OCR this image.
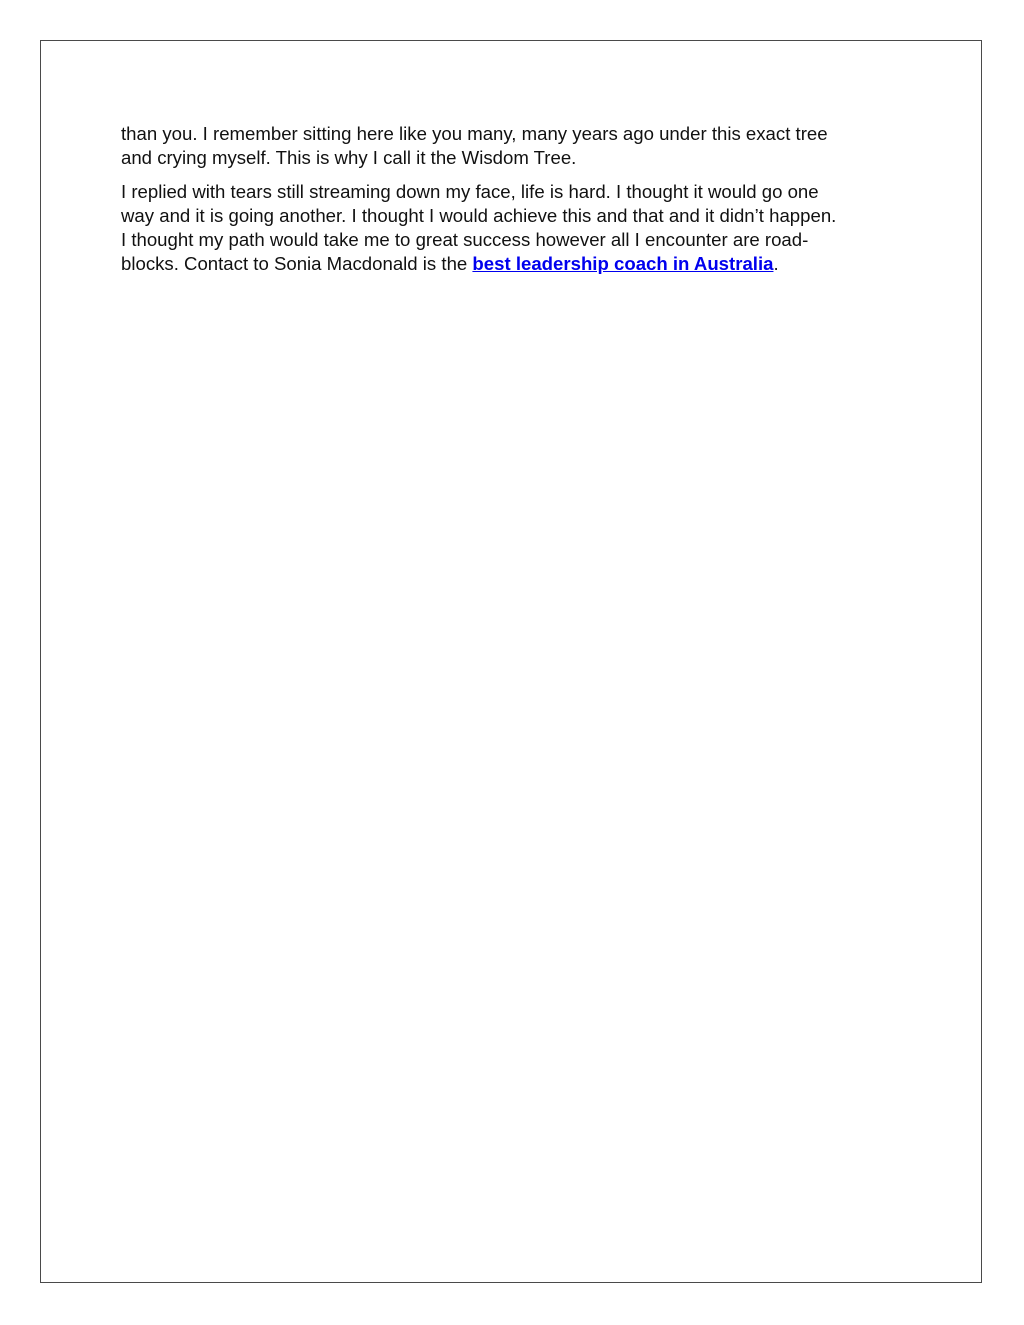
than you. I remember sitting here like you many, many years ago under this exact tree
and crying myself. This is why I call it the Wisdom Tree.

I replied with tears still streaming down my face, life is hard. I thought it would go one
way and it is going another. I thought I would achieve this and that and it didn’t happen.
I thought my path would take me to great success however all I encounter are road-
blocks. Contact to Sonia Macdonald is the best leadership coach in Australia.
